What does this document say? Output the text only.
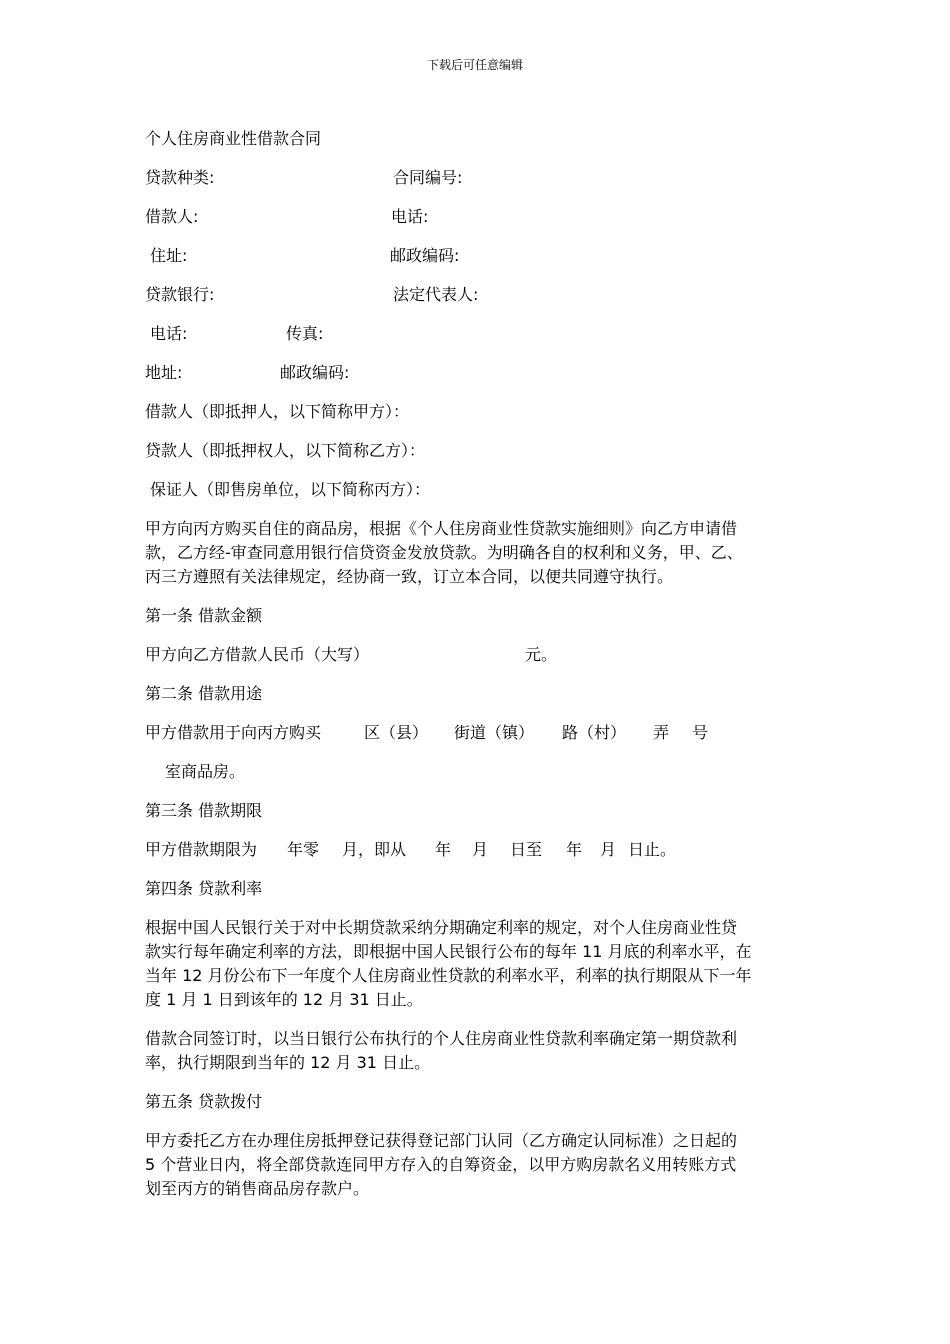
下载后可任意编辑
个人住房商业性借款合同
贷款种类:	合同编号:
借款人:	电话:
住址:	邮政编码:
贷款银行:	法定代表人:
电话:	传真:
地址:	邮政编码:
借款人（即抵押人，以下简称甲方）：
贷款人（即抵押权人，以下简称乙方）：
保证人（即售房单位，以下简称丙方）：
甲方向丙方购买自住的商品房，根据《个人住房商业性贷款实施细则》向乙方申请借
款，乙方经-审查同意用银行信贷资金发放贷款。为明确各自的权利和义务，甲、乙、
丙三方遵照有关法律规定，经协商一致，订立本合同，以便共同遵守执行。
第一条 借款金额
甲方向乙方借款人民币（大写）	元。
第二条 借款用途
甲方借款用于向丙方购买	区（县） 街道（镇） 路（村） 弄 号
室商品房。
第三条 借款期限
甲方借款期限为 年零 月，即从 年 月 日至 年 月 日止。
第四条 贷款利率
根据中国人民银行关于对中长期贷款采纳分期确定利率的规定，对个人住房商业性贷
款实行每年确定利率的方法，即根据中国人民银行公布的每年 11 月底的利率水平，在
当年 12 月份公布下一年度个人住房商业性贷款的利率水平，利率的执行期限从下一年
度 1 月 1 日到该年的 12 月 31 日止。
借款合同签订时，以当日银行公布执行的个人住房商业性贷款利率确定第一期贷款利
率，执行期限到当年的 12 月 31 日止。
第五条 贷款拨付
甲方委托乙方在办理住房抵押登记获得登记部门认同（乙方确定认同标准）之日起的
5 个营业日内，将全部贷款连同甲方存入的自筹资金，以甲方购房款名义用转账方式
划至丙方的销售商品房存款户。
